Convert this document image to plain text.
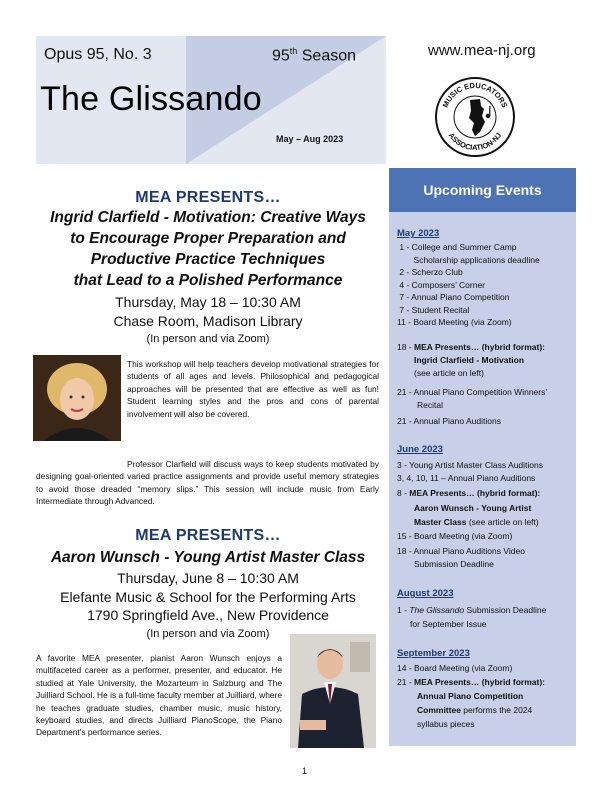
Opus 95, No. 3	95th Season
The Glissando
May – Aug 2023
www.mea-nj.org
MUSIC EDUCATORS
ASSOCIATION-NJ
MEA PRESENTS…
Ingrid Clarfield - Motivation: Creative Ways
to Encourage Proper Preparation and
Productive Practice Techniques
that Lead to a Polished Performance
Thursday, May 18 – 10:30 AM
Chase Room, Madison Library
(In person and via Zoom)

This workshop will help teachers develop motivational strategies for students of all ages and levels. Philosophical and pedagogical approaches will be presented that are effective as well as fun! Student learning styles and the pros and cons of parental involvement will also be covered.

Professor Clarfield will discuss ways to keep students motivated by designing goal-oriented varied practice assignments and provide useful memory strategies to avoid those dreaded “memory slips.” This session will include music from Early Intermediate through Advanced.

MEA PRESENTS…
Aaron Wunsch - Young Artist Master Class
Thursday, June 8 – 10:30 AM
Elefante Music & School for the Performing Arts
1790 Springfield Ave., New Providence
(In person and via Zoom)

A favorite MEA presenter, pianist Aaron Wunsch enjoys a multifaceted career as a performer, presenter, and educator. He studied at Yale University, the Mozarteum in Salzburg and The Juilliard School. He is a full-time faculty member at Juilliard, where he teaches graduate studies, chamber music, music history, keyboard studies, and directs Juilliard PianoScope, the Piano Department's performance series.

1
Upcoming Events
May 2023
1 - College and Summer Camp
Scholarship applications deadline
2 - Scherzo Club
4 - Composers’ Corner
7 - Annual Piano Competition
7 - Student Recital
11 - Board Meeting (via Zoom)
18 - MEA Presents… (hybrid format):
Ingrid Clarfield - Motivation
(see article on left)
21 - Annual Piano Competition Winners’
Recital
21 - Annual Piano Auditions
June 2023
3 - Young Artist Master Class Auditions
3, 4, 10, 11 – Annual Piano Auditions
8 - MEA Presents… (hybrid format):
Aaron Wunsch - Young Artist
Master Class (see article on left)
15 - Board Meeting (via Zoom)
18 - Annual Piano Auditions Video
Submission Deadline
August 2023
1 - The Glissando Submission Deadline
for September Issue
September 2023
14 - Board Meeting (via Zoom)
21 - MEA Presents… (hybrid format):
Annual Piano Competition
Committee performs the 2024
syllabus pieces
